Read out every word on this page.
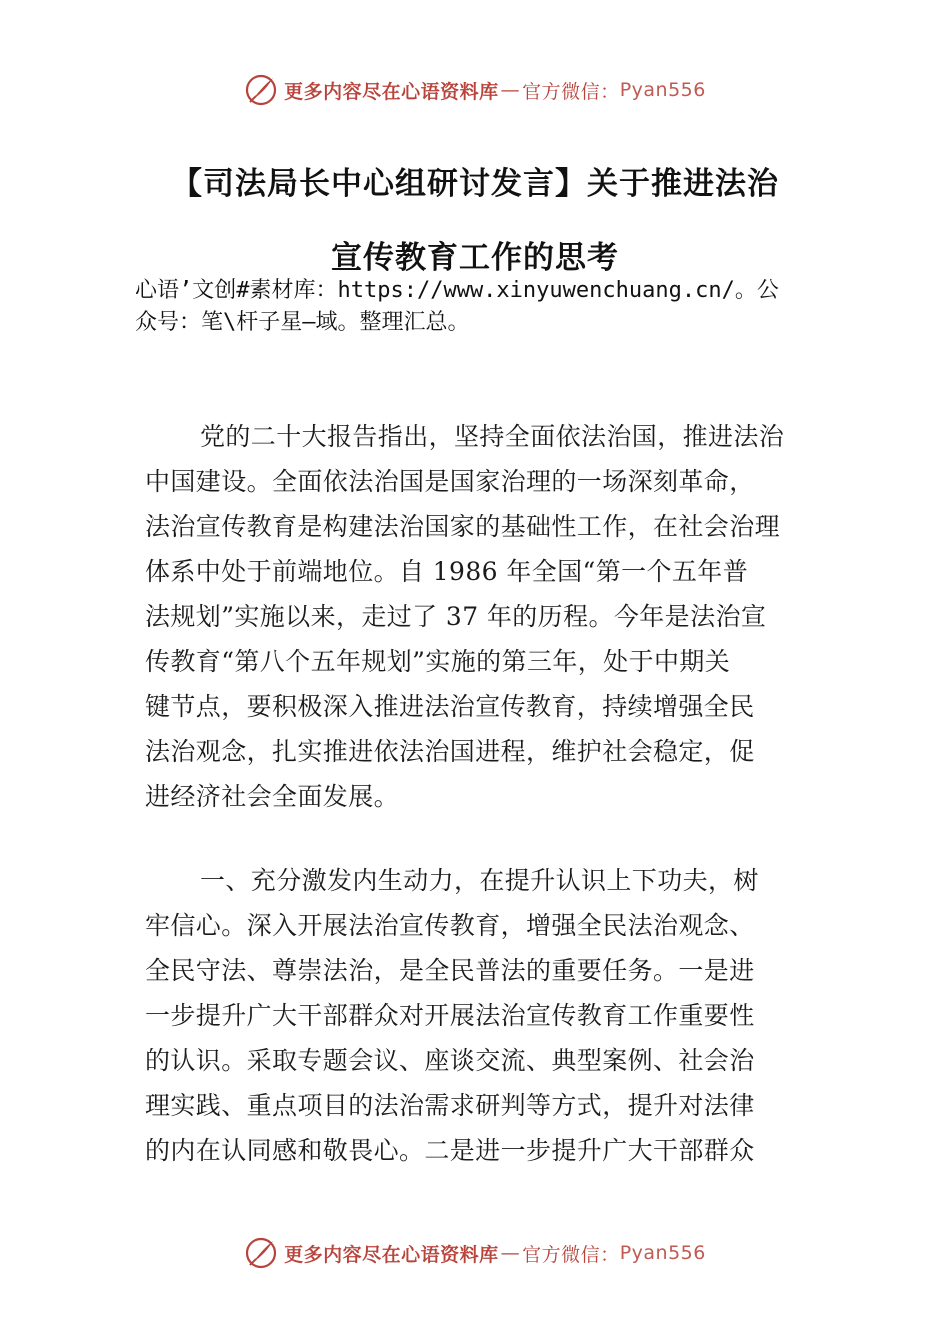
更多内容尽在心语资料库 — 官方微信： Pyan556
【司法局长中心组研讨发言】关于推进法治
宣传教育工作的思考
心语’文创#素材库：https://www.xinyuwenchuang.cn/。公
众号：笔\杆子星—域。整理汇总。
党的二十大报告指出，坚持全面依法治国，推进法治
中国建设。全面依法治国是国家治理的一场深刻革命，
法治宣传教育是构建法治国家的基础性工作，在社会治理
体系中处于前端地位。自 1986 年全国“第一个五年普
法规划”实施以来，走过了 37 年的历程。今年是法治宣
传教育“第八个五年规划”实施的第三年，处于中期关
键节点，要积极深入推进法治宣传教育，持续增强全民
法治观念，扎实推进依法治国进程，维护社会稳定，促
进经济社会全面发展。
一、充分激发内生动力，在提升认识上下功夫，树
牢信心。深入开展法治宣传教育，增强全民法治观念、
全民守法、尊崇法治，是全民普法的重要任务。一是进
一步提升广大干部群众对开展法治宣传教育工作重要性
的认识。采取专题会议、座谈交流、典型案例、社会治
理实践、重点项目的法治需求研判等方式，提升对法律
的内在认同感和敬畏心。二是进一步提升广大干部群众
更多内容尽在心语资料库 — 官方微信： Pyan556
